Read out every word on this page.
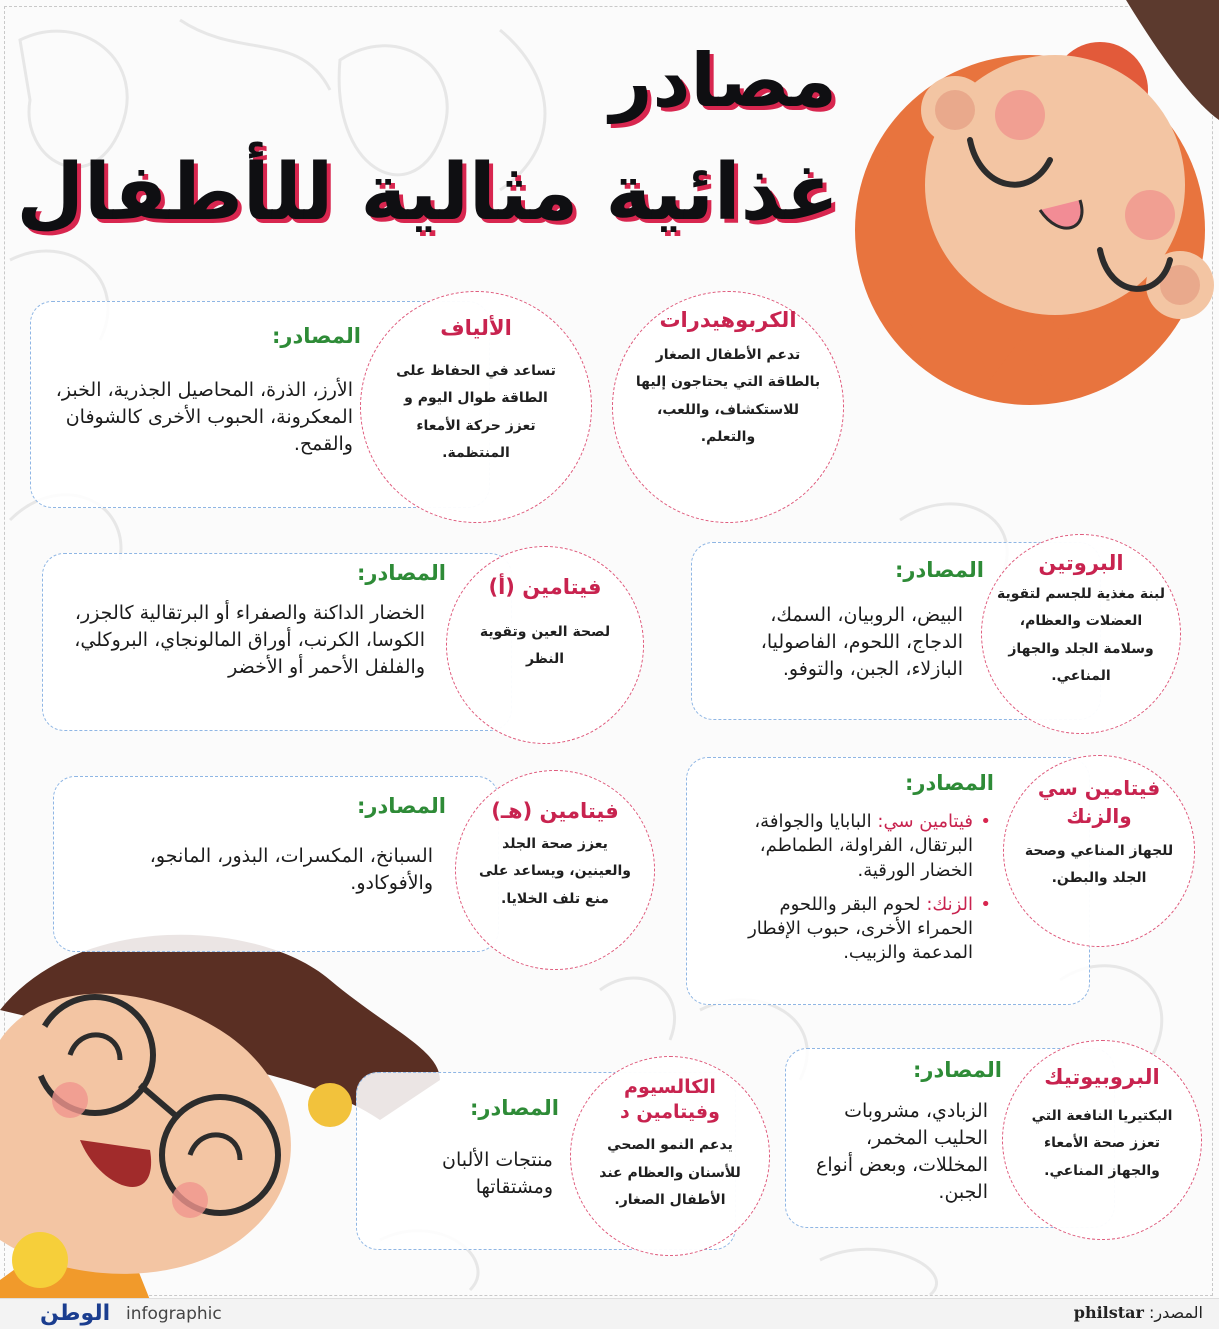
مصادر
غذائية مثالية للأطفال
المصادر:
الأرز، الذرة، المحاصيل الجذرية، الخبز، المعكرونة، الحبوب الأخرى كالشوفان والقمح.
الكربوهيدرات
تدعم الأطفال الصغار بالطاقة التي يحتاجون إليها للاستكشاف، واللعب، والتعلم.
الألياف
تساعد في الحفاظ على الطاقة طوال اليوم و تعزز حركة الأمعاء المنتظمة.
المصادر:
الخضار الداكنة والصفراء أو البرتقالية كالجزر، الكوسا، الكرنب، أوراق المالونجاي، البروكلي، والفلفل الأحمر أو الأخضر
فيتامين (أ)
لصحة العين وتقوية النظر
المصادر:
البيض، الروبيان، السمك، الدجاج، اللحوم، الفاصوليا، البازلاء، الجبن، والتوفو.
البروتين
لبنة مغذية للجسم لتقوية العضلات والعظام، وسلامة الجلد والجهاز المناعي.
المصادر:
السبانخ، المكسرات، البذور، المانجو، والأفوكادو.
فيتامين (هـ)
يعزز صحة الجلد والعينين، ويساعد على منع تلف الخلايا.
المصادر:
• فيتامين سي: البابايا والجوافة، البرتقال، الفراولة، الطماطم، الخضار الورقية.
• الزنك: لحوم البقر واللحوم الحمراء الأخرى، حبوب الإفطار المدعمة والزبيب.
فيتامين سي والزنك
للجهاز المناعي وصحة الجلد والبطن.
المصادر:
منتجات الألبان ومشتقاتها
الكالسيوم وفيتامين د
يدعم النمو الصحي للأسنان والعظام عند الأطفال الصغار.
المصادر:
الزبادي، مشروبات الحليب المخمر، المخللات، وبعض أنواع الجبن.
البروبيوتيك
البكتيريا النافعة التي تعزز صحة الأمعاء والجهاز المناعي.
الوطن infographic	المصدر: philstar
